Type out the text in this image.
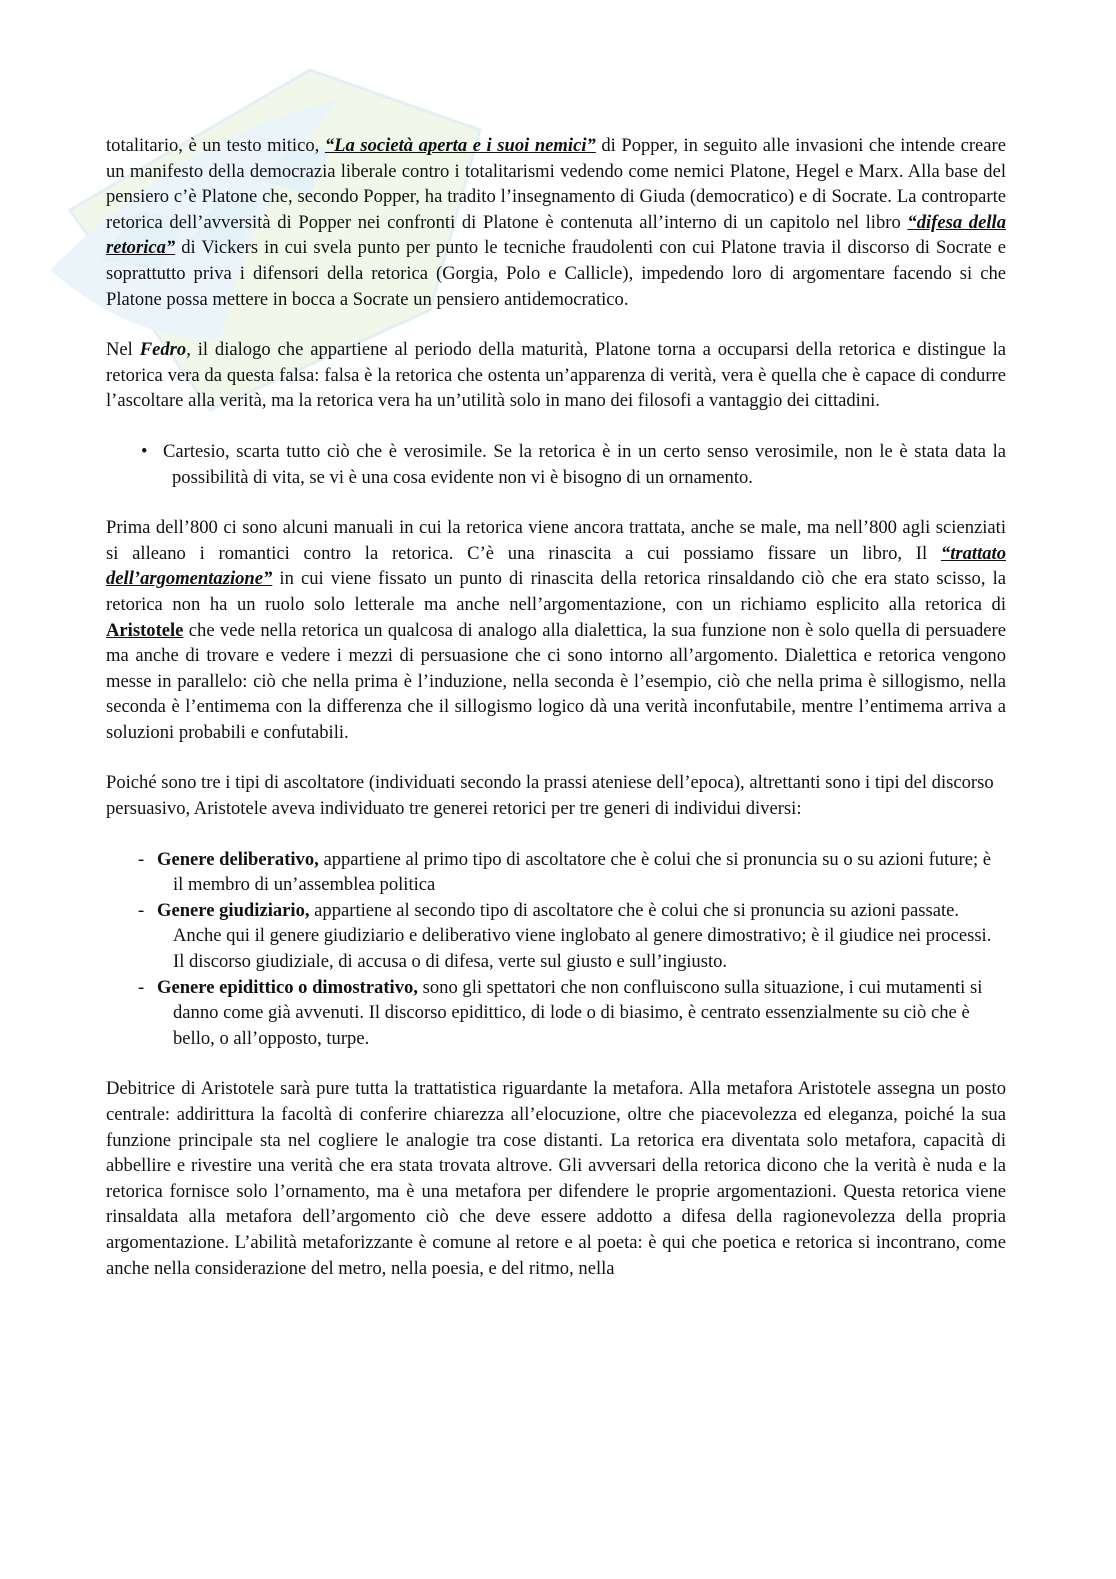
totalitario, è un testo mitico, “La società aperta e i suoi nemici” di Popper, in seguito alle invasioni che intende creare un manifesto della democrazia liberale contro i totalitarismi vedendo come nemici Platone, Hegel e Marx. Alla base del pensiero c’è Platone che, secondo Popper, ha tradito l’insegnamento di Giuda (democratico) e di Socrate. La controparte retorica dell’avversità di Popper nei confronti di Platone è contenuta all’interno di un capitolo nel libro “difesa della retorica” di Vickers in cui svela punto per punto le tecniche fraudolenti con cui Platone travia il discorso di Socrate e soprattutto priva i difensori della retorica (Gorgia, Polo e Callicle), impedendo loro di argomentare facendo si che Platone possa mettere in bocca a Socrate un pensiero antidemocratico.

Nel Fedro, il dialogo che appartiene al periodo della maturità, Platone torna a occuparsi della retorica e distingue la retorica vera da questa falsa: falsa è la retorica che ostenta un’apparenza di verità, vera è quella che è capace di condurre l’ascoltare alla verità, ma la retorica vera ha un’utilità solo in mano dei filosofi a vantaggio dei cittadini.

• Cartesio, scarta tutto ciò che è verosimile. Se la retorica è in un certo senso verosimile, non le è stata data la possibilità di vita, se vi è una cosa evidente non vi è bisogno di un ornamento.

Prima dell’800 ci sono alcuni manuali in cui la retorica viene ancora trattata, anche se male, ma nell’800 agli scienziati si alleano i romantici contro la retorica. C’è una rinascita a cui possiamo fissare un libro, Il “trattato dell’argomentazione” in cui viene fissato un punto di rinascita della retorica rinsaldando ciò che era stato scisso, la retorica non ha un ruolo solo letterale ma anche nell’argomentazione, con un richiamo esplicito alla retorica di Aristotele che vede nella retorica un qualcosa di analogo alla dialettica, la sua funzione non è solo quella di persuadere ma anche di trovare e vedere i mezzi di persuasione che ci sono intorno all’argomento. Dialettica e retorica vengono messe in parallelo: ciò che nella prima è l’induzione, nella seconda è l’esempio, ciò che nella prima è sillogismo, nella seconda è l’entimema con la differenza che il sillogismo logico dà una verità inconfutabile, mentre l’entimema arriva a soluzioni probabili e confutabili.

Poiché sono tre i tipi di ascoltatore (individuati secondo la prassi ateniese dell’epoca), altrettanti sono i tipi del discorso persuasivo, Aristotele aveva individuato tre generei retorici per tre generi di individui diversi:

- Genere deliberativo, appartiene al primo tipo di ascoltatore che è colui che si pronuncia su o su azioni future; è il membro di un’assemblea politica
- Genere giudiziario, appartiene al secondo tipo di ascoltatore che è colui che si pronuncia su azioni passate. Anche qui il genere giudiziario e deliberativo viene inglobato al genere dimostrativo; è il giudice nei processi. Il discorso giudiziale, di accusa o di difesa, verte sul giusto e sull’ingiusto.
- Genere epidittico o dimostrativo, sono gli spettatori che non confluiscono sulla situazione, i cui mutamenti si danno come già avvenuti. Il discorso epidittico, di lode o di biasimo, è centrato essenzialmente su ciò che è bello, o all’opposto, turpe.

Debitrice di Aristotele sarà pure tutta la trattatistica riguardante la metafora. Alla metafora Aristotele assegna un posto centrale: addirittura la facoltà di conferire chiarezza all’elocuzione, oltre che piacevolezza ed eleganza, poiché la sua funzione principale sta nel cogliere le analogie tra cose distanti. La retorica era diventata solo metafora, capacità di abbellire e rivestire una verità che era stata trovata altrove. Gli avversari della retorica dicono che la verità è nuda e la retorica fornisce solo l’ornamento, ma è una metafora per difendere le proprie argomentazioni. Questa retorica viene rinsaldata alla metafora dell’argomento ciò che deve essere addotto a difesa della ragionevolezza della propria argomentazione. L’abilità metaforizzante è comune al retore e al poeta: è qui che poetica e retorica si incontrano, come anche nella considerazione del metro, nella poesia, e del ritmo, nella
